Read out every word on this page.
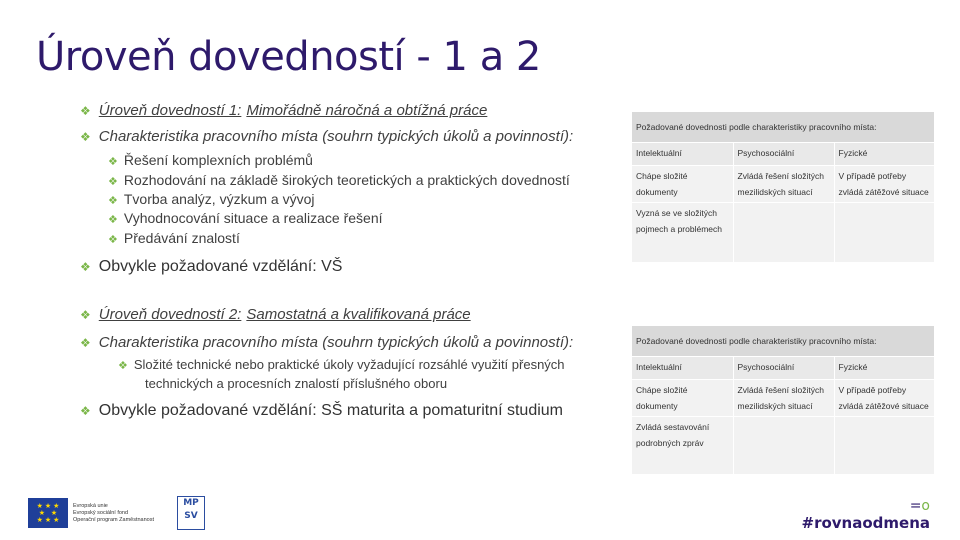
Úroveň dovedností - 1 a 2
❖ Úroveň dovedností 1: Mimořádně náročná a obtížná práce
❖ Charakteristika pracovního místa (souhrn typických úkolů a povinností):
❖ Řešení komplexních problémů
❖ Rozhodování na základě širokých teoretických a praktických dovedností
❖ Tvorba analýz, výzkum a vývoj
❖ Vyhodnocování situace a realizace řešení
❖ Předávání znalostí
❖ Obvykle požadované vzdělání: VŠ
❖ Úroveň dovedností 2: Samostatná a kvalifikovaná práce
❖ Charakteristika pracovního místa (souhrn typických úkolů a povinností):
❖ Složité technické nebo praktické úkoly vyžadující rozsáhlé využití přesných
technických a procesních znalostí příslušného oboru
❖ Obvykle požadované vzdělání: SŠ maturita a pomaturitní studium
Požadované dovednosti podle charakteristiky pracovního místa:		
Intelektuální	Psychosociální	Fyzické
Chápe složité dokumenty	Zvládá řešení složitých mezilidských situací	V případě potřeby zvládá zátěžové situace
Vyzná se ve složitých pojmech a problémech		
Požadované dovednosti podle charakteristiky pracovního místa:		
Intelektuální	Psychosociální	Fyzické
Chápe složité dokumenty	Zvládá řešení složitých mezilidských situací	V případě potřeby zvládá zátěžové situace
Zvládá sestavování podrobných zpráv		
★ ★ ★
★   ★
★ ★ ★
Evropská unie
Evropský sociální fond
Operační program Zaměstnanost
MP
SV
=o
#rovnaodmena
